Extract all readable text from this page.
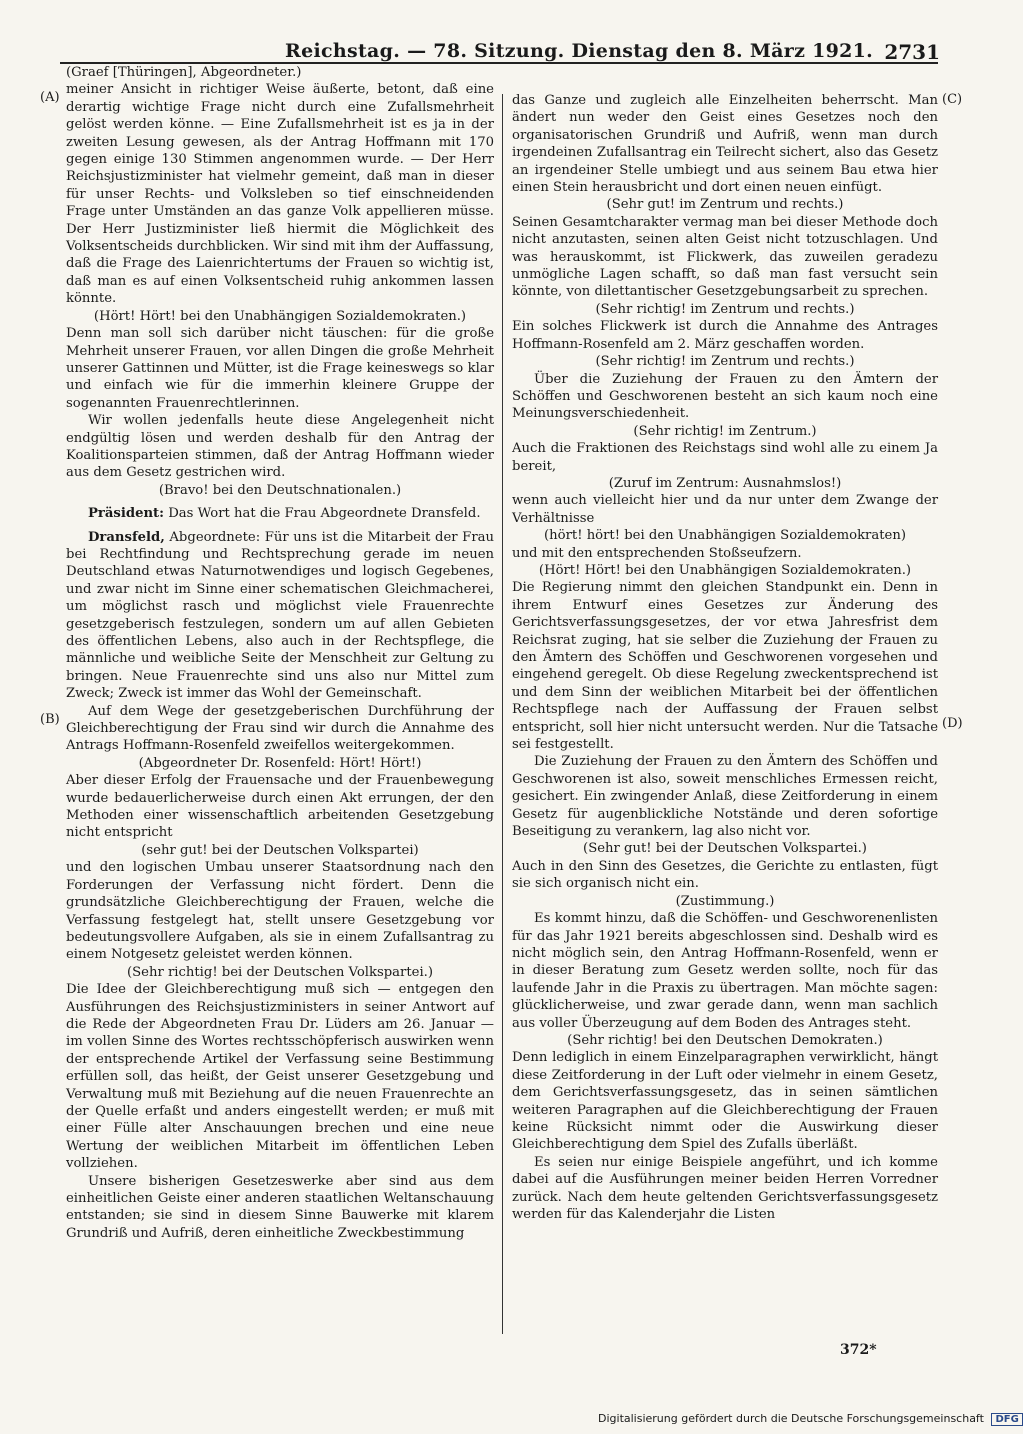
Reichstag. — 78. Sitzung. Dienstag den 8. März 1921. 2731
(A)
(B)
(C)
(D)

(Graef [Thüringen], Abgeordneter.)

meiner Ansicht in richtiger Weise äußerte, betont, daß eine derartig wichtige Frage nicht durch eine Zufallsmehrheit gelöst werden könne. — Eine Zufallsmehrheit ist es ja in der zweiten Lesung gewesen, als der Antrag Hoffmann mit 170 gegen einige 130 Stimmen angenommen wurde. — Der Herr Reichsjustizminister hat vielmehr gemeint, daß man in dieser für unser Rechts- und Volksleben so tief einschneidenden Frage unter Umständen an das ganze Volk appellieren müsse. Der Herr Justizminister ließ hiermit die Möglichkeit des Volksentscheids durchblicken. Wir sind mit ihm der Auffassung, daß die Frage des Laienrichtertums der Frauen so wichtig ist, daß man es auf einen Volksentscheid ruhig ankommen lassen könnte.

(Hört! Hört! bei den Unabhängigen Sozialdemokraten.)

Denn man soll sich darüber nicht täuschen: für die große Mehrheit unserer Frauen, vor allen Dingen die große Mehrheit unserer Gattinnen und Mütter, ist die Frage keineswegs so klar und einfach wie für die immerhin kleinere Gruppe der sogenannten Frauenrechtlerinnen.

Wir wollen jedenfalls heute diese Angelegenheit nicht endgültig lösen und werden deshalb für den Antrag der Koalitionsparteien stimmen, daß der Antrag Hoffmann wieder aus dem Gesetz gestrichen wird.

(Bravo! bei den Deutschnationalen.)

Präsident: Das Wort hat die Frau Abgeordnete Dransfeld.

Dransfeld, Abgeordnete: Für uns ist die Mitarbeit der Frau bei Rechtfindung und Rechtsprechung gerade im neuen Deutschland etwas Naturnotwendiges und logisch Gegebenes, und zwar nicht im Sinne einer schematischen Gleichmacherei, um möglichst rasch und möglichst viele Frauenrechte gesetzgeberisch festzulegen, sondern um auf allen Gebieten des öffentlichen Lebens, also auch in der Rechtspflege, die männliche und weibliche Seite der Menschheit zur Geltung zu bringen. Neue Frauenrechte sind uns also nur Mittel zum Zweck; Zweck ist immer das Wohl der Gemeinschaft.

Auf dem Wege der gesetzgeberischen Durchführung der Gleichberechtigung der Frau sind wir durch die Annahme des Antrags Hoffmann-Rosenfeld zweifellos weitergekommen.

(Abgeordneter Dr. Rosenfeld: Hört! Hört!)

Aber dieser Erfolg der Frauensache und der Frauenbewegung wurde bedauerlicherweise durch einen Akt errungen, der den Methoden einer wissenschaftlich arbeitenden Gesetzgebung nicht entspricht

(sehr gut! bei der Deutschen Volkspartei)

und den logischen Umbau unserer Staatsordnung nach den Forderungen der Verfassung nicht fördert. Denn die grundsätzliche Gleichberechtigung der Frauen, welche die Verfassung festgelegt hat, stellt unsere Gesetzgebung vor bedeutungsvollere Aufgaben, als sie in einem Zufallsantrag zu einem Notgesetz geleistet werden können.

(Sehr richtig! bei der Deutschen Volkspartei.)

Die Idee der Gleichberechtigung muß sich — entgegen den Ausführungen des Reichsjustizministers in seiner Antwort auf die Rede der Abgeordneten Frau Dr. Lüders am 26. Januar — im vollen Sinne des Wortes rechtsschöpferisch auswirken wenn der entsprechende Artikel der Verfassung seine Bestimmung erfüllen soll, das heißt, der Geist unserer Gesetzgebung und Verwaltung muß mit Beziehung auf die neuen Frauenrechte an der Quelle erfaßt und anders eingestellt werden; er muß mit einer Fülle alter Anschauungen brechen und eine neue Wertung der weiblichen Mitarbeit im öffentlichen Leben vollziehen.

Unsere bisherigen Gesetzeswerke aber sind aus dem einheitlichen Geiste einer anderen staatlichen Weltanschauung entstanden; sie sind in diesem Sinne Bauwerke mit klarem Grundriß und Aufriß, deren einheitliche Zweckbestimmung

das Ganze und zugleich alle Einzelheiten beherrscht. Man ändert nun weder den Geist eines Gesetzes noch den organisatorischen Grundriß und Aufriß, wenn man durch irgendeinen Zufallsantrag ein Teilrecht sichert, also das Gesetz an irgendeiner Stelle umbiegt und aus seinem Bau etwa hier einen Stein herausbricht und dort einen neuen einfügt.

(Sehr gut! im Zentrum und rechts.)

Seinen Gesamtcharakter vermag man bei dieser Methode doch nicht anzutasten, seinen alten Geist nicht totzuschlagen. Und was herauskommt, ist Flickwerk, das zuweilen geradezu unmögliche Lagen schafft, so daß man fast versucht sein könnte, von dilettantischer Gesetzgebungsarbeit zu sprechen.

(Sehr richtig! im Zentrum und rechts.)

Ein solches Flickwerk ist durch die Annahme des Antrages Hoffmann-Rosenfeld am 2. März geschaffen worden.

(Sehr richtig! im Zentrum und rechts.)

Über die Zuziehung der Frauen zu den Ämtern der Schöffen und Geschworenen besteht an sich kaum noch eine Meinungsverschiedenheit.

(Sehr richtig! im Zentrum.)

Auch die Fraktionen des Reichstags sind wohl alle zu einem Ja bereit,

(Zuruf im Zentrum: Ausnahmslos!)

wenn auch vielleicht hier und da nur unter dem Zwange der Verhältnisse

(hört! hört! bei den Unabhängigen Sozialdemokraten)

und mit den entsprechenden Stoßseufzern.

(Hört! Hört! bei den Unabhängigen Sozialdemokraten.)

Die Regierung nimmt den gleichen Standpunkt ein. Denn in ihrem Entwurf eines Gesetzes zur Änderung des Gerichtsverfassungsgesetzes, der vor etwa Jahresfrist dem Reichsrat zuging, hat sie selber die Zuziehung der Frauen zu den Ämtern des Schöffen und Geschworenen vorgesehen und eingehend geregelt. Ob diese Regelung zweckentsprechend ist und dem Sinn der weiblichen Mitarbeit bei der öffentlichen Rechtspflege nach der Auffassung der Frauen selbst entspricht, soll hier nicht untersucht werden. Nur die Tatsache sei festgestellt.

Die Zuziehung der Frauen zu den Ämtern des Schöffen und Geschworenen ist also, soweit menschliches Ermessen reicht, gesichert. Ein zwingender Anlaß, diese Zeitforderung in einem Gesetz für augenblickliche Notstände und deren sofortige Beseitigung zu verankern, lag also nicht vor.

(Sehr gut! bei der Deutschen Volkspartei.)

Auch in den Sinn des Gesetzes, die Gerichte zu entlasten, fügt sie sich organisch nicht ein.

(Zustimmung.)

Es kommt hinzu, daß die Schöffen- und Geschworenenlisten für das Jahr 1921 bereits abgeschlossen sind. Deshalb wird es nicht möglich sein, den Antrag Hoffmann-Rosenfeld, wenn er in dieser Beratung zum Gesetz werden sollte, noch für das laufende Jahr in die Praxis zu übertragen. Man möchte sagen: glücklicherweise, und zwar gerade dann, wenn man sachlich aus voller Überzeugung auf dem Boden des Antrages steht.

(Sehr richtig! bei den Deutschen Demokraten.)

Denn lediglich in einem Einzelparagraphen verwirklicht, hängt diese Zeitforderung in der Luft oder vielmehr in einem Gesetz, dem Gerichtsverfassungsgesetz, das in seinen sämtlichen weiteren Paragraphen auf die Gleichberechtigung der Frauen keine Rücksicht nimmt oder die Auswirkung dieser Gleichberechtigung dem Spiel des Zufalls überläßt.

Es seien nur einige Beispiele angeführt, und ich komme dabei auf die Ausführungen meiner beiden Herren Vorredner zurück. Nach dem heute geltenden Gerichtsverfassungsgesetz werden für das Kalenderjahr die Listen

372*
Digitalisierung gefördert durch die Deutsche Forschungsgemeinschaft DFG
